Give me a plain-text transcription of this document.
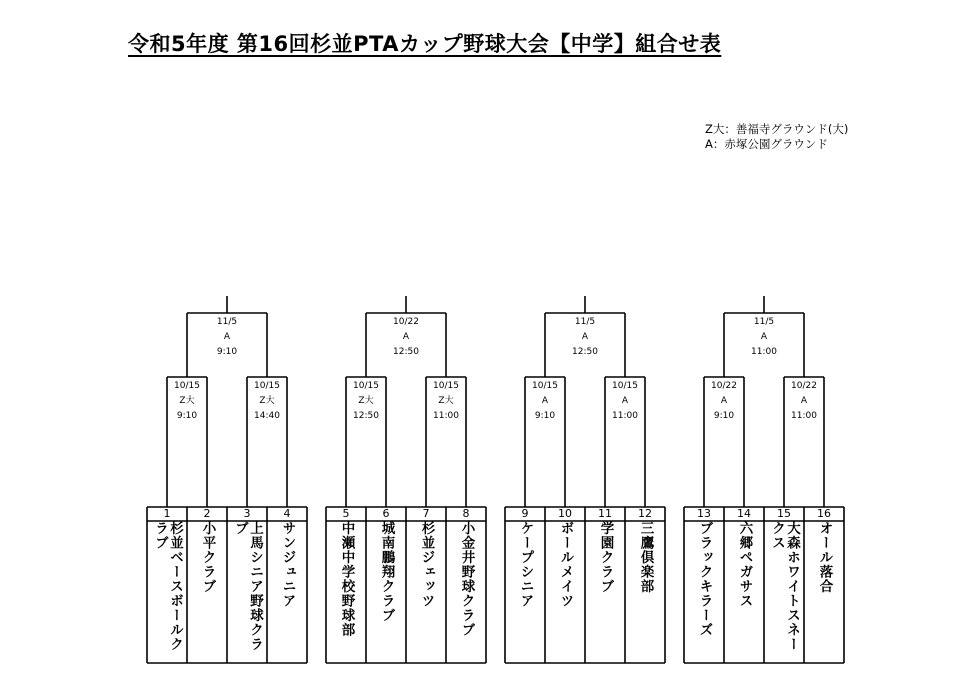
令和5年度 第16回杉並PTAカップ野球大会【中学】組合せ表
Z大：善福寺グラウンド(大)
A：赤塚公園グラウンド
11/5
A
9:10
10/15
Z大
9:10
10/15
Z大
14:40
1
杉並ベースボールクラブ
2
小平クラブ
3
上馬シニア野球クラブ
4
サンジュニア
10/22
A
12:50
10/15
Z大
12:50
10/15
Z大
11:00
5
中瀬中学校野球部
6
城南鵬翔クラブ
7
杉並ジェッツ
8
小金井野球クラブ
11/5
A
12:50
10/15
A
9:10
10/15
A
11:00
9
ケープシニア
10
ボールメイツ
11
学園クラブ
12
三鷹倶楽部
11/5
A
11:00
10/22
A
9:10
10/22
A
11:00
13
ブラックキラーズ
14
六郷ペガサス
15
大森ホワイトスネークス
16
オール落合
